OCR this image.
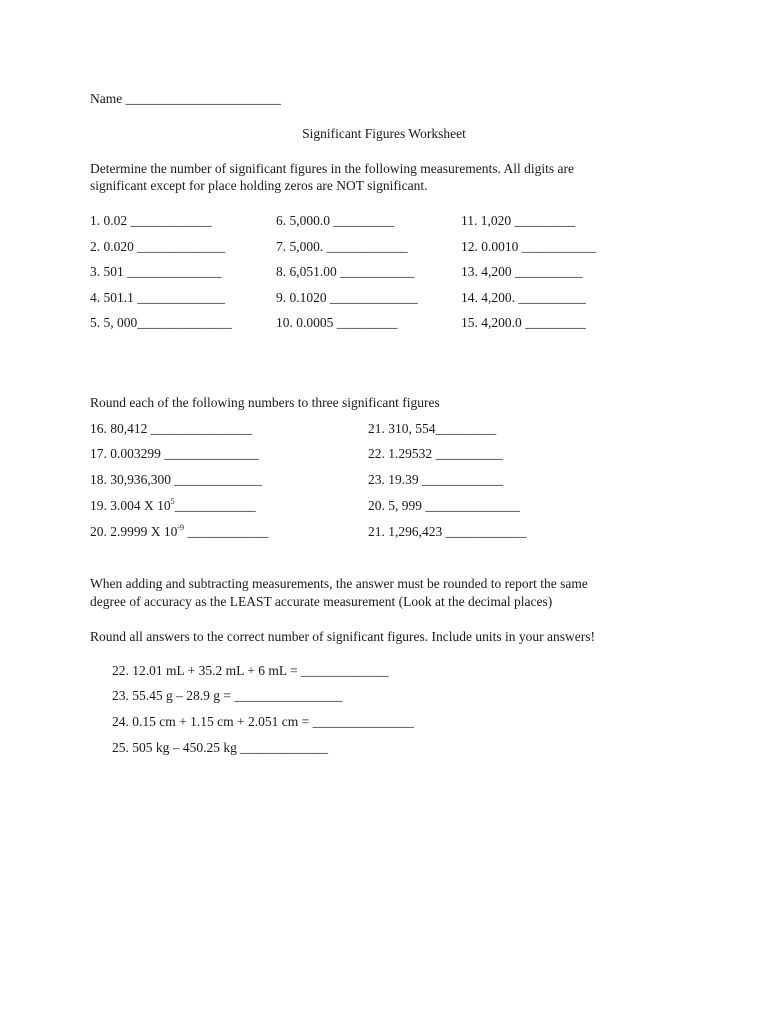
Name _______________________
Significant Figures Worksheet
Determine the number of significant figures in the following measurements. All digits are
significant except for place holding zeros are NOT significant.
1. 0.02 ____________	6. 5,000.0 _________	11. 1,020 _________
2. 0.020 _____________	7. 5,000. ____________	12. 0.0010 ___________
3. 501 ______________	8. 6,051.00 ___________	13. 4,200 __________
4. 501.1 _____________	9. 0.1020 _____________	14. 4,200. __________
5. 5, 000______________	10. 0.0005 _________	15. 4,200.0 _________
Round each of the following numbers to three significant figures
16. 80,412 _______________	21. 310, 554_________
17. 0.003299 ______________	22. 1.29532 __________
18. 30,936,300 _____________	23. 19.39 ____________
19. 3.004 X $10^5\_\_\_\_\_\_\_\_\_\_\_\_$	20. 5, 999 ______________
20. 2.9999 X $10^{-9}$ ____________	21. 1,296,423 ____________
When adding and subtracting measurements, the answer must be rounded to report the same
degree of accuracy as the LEAST accurate measurement (Look at the decimal places)
Round all answers to the correct number of significant figures. Include units in your answers!
22. 12.01 mL + 35.2 mL + 6 mL = _____________
23. 55.45 g – 28.9 g = ________________
24. 0.15 cm + 1.15 cm + 2.051 cm = _______________
25. 505 kg – 450.25 kg _____________
